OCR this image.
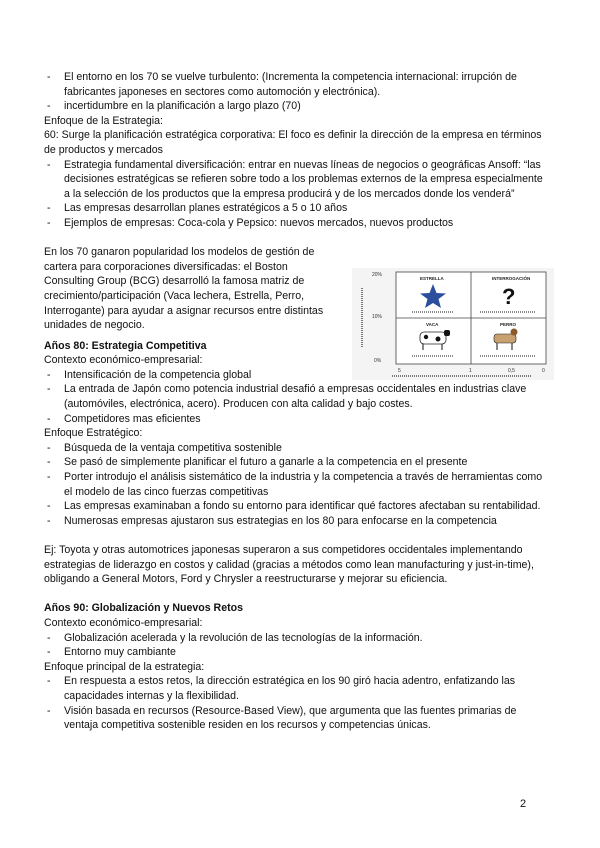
- El entorno en los 70 se vuelve turbulento: (Incrementa la competencia internacional: irrupción de fabricantes japoneses en sectores como automoción y electrónica).
- incertidumbre en la planificación a largo plazo (70)
Enfoque de la Estrategia:
60: Surge la planificación estratégica corporativa: El foco es definir la dirección de la empresa en términos de productos y mercados
- Estrategia fundamental diversificación: entrar en nuevas líneas de negocios o geográficas Ansoff: “las decisiones estratégicas se refieren sobre todo a los problemas externos de la empresa especialmente a la selección de los productos que la empresa producirá y de los mercados donde los venderá”
- Las empresas desarrollan planes estratégicos a 5 o 10 años
- Ejemplos de empresas: Coca-cola y Pepsico: nuevos mercados, nuevos productos
En los 70 ganaron popularidad los modelos de gestión de cartera para corporaciones diversificadas: el Boston Consulting Group (BCG) desarrolló la famosa matriz de crecimiento/participación (Vaca lechera, Estrella, Perro, Interrogante) para ayudar a asignar recursos entre distintas unidades de negocio.
Años 80: Estrategia Competitiva
Contexto económico-empresarial:
- Intensificación de la competencia global
- La entrada de Japón como potencia industrial desafió a empresas occidentales en industrias clave (automóviles, electrónica, acero). Producen con alta calidad y bajo costes.
- Competidores mas eficientes
Enfoque Estratégico:
- Búsqueda de la ventaja competitiva sostenible
- Se pasó de simplemente planificar el futuro a ganarle a la competencia en el presente
- Porter introdujo el análisis sistemático de la industria y la competencia a través de herramientas como el modelo de las cinco fuerzas competitivas
- Las empresas examinaban a fondo su entorno para identificar qué factores afectaban su rentabilidad.
- Numerosas empresas ajustaron sus estrategias en los 80 para enfocarse en la competencia
Ej: Toyota y otras automotrices japonesas superaron a sus competidores occidentales implementando estrategias de liderazgo en costos y calidad (gracias a métodos como lean manufacturing y just-in-time), obligando a General Motors, Ford y Chrysler a reestructurarse y mejorar su eficiencia.
Años 90: Globalización y Nuevos Retos
Contexto económico-empresarial:
- Globalización acelerada y la revolución de las tecnologías de la información.
- Entorno muy cambiante
Enfoque principal de la estrategia:
- En respuesta a estos retos, la dirección estratégica en los 90 giró hacia adentro, enfatizando las capacidades internas y la flexibilidad.
- Visión basada en recursos (Resource-Based View), que argumenta que las fuentes primarias de ventaja competitiva sostenible residen en los recursos y competencias únicas.
20%
10%
0%
5	1	0,5	0
ESTRELLA	INTERROGACIÓN
VACA	PERRO
?
2
